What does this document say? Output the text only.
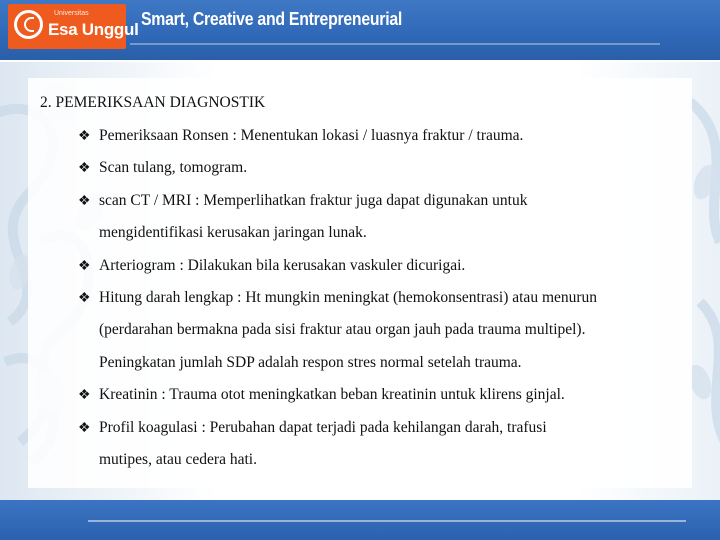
Universitas
Esa Unggul
Smart, Creative and Entrepreneurial
2. PEMERIKSAAN DIAGNOSTIK
❖ Pemeriksaan Ronsen : Menentukan lokasi / luasnya fraktur / trauma.
❖ Scan tulang, tomogram.
❖ scan CT / MRI : Memperlihatkan fraktur juga dapat digunakan untuk
mengidentifikasi kerusakan jaringan lunak.
❖ Arteriogram : Dilakukan bila kerusakan vaskuler dicurigai.
❖ Hitung darah lengkap : Ht mungkin meningkat (hemokonsentrasi) atau menurun
(perdarahan bermakna pada sisi fraktur atau organ jauh pada trauma multipel).
Peningkatan jumlah SDP adalah respon stres normal setelah trauma.
❖ Kreatinin : Trauma otot meningkatkan beban kreatinin untuk klirens ginjal.
❖ Profil koagulasi : Perubahan dapat terjadi pada kehilangan darah, trafusi
mutipes, atau cedera hati.
